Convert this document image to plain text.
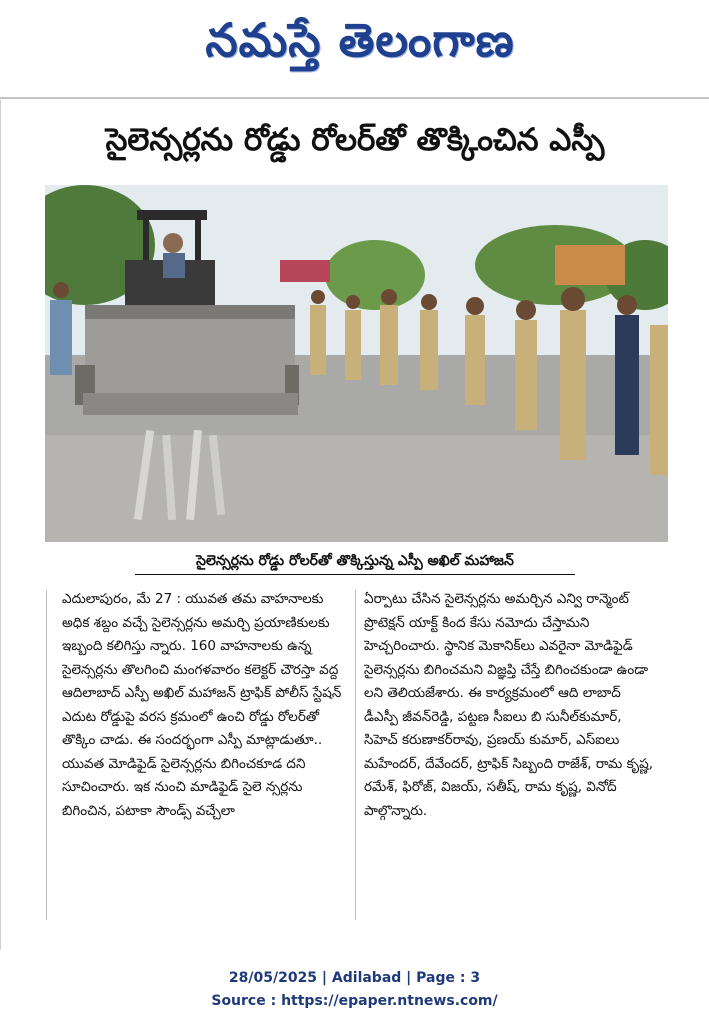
నమస్తే తెలంగాణ
సైలెన్సర్లను రోడ్డు రోలర్‌తో తొక్కించిన ఎస్పీ
సైలెన్సర్లను రోడ్డు రోలర్‌తో తొక్కిస్తున్న ఎస్పీ అఖిల్ మహాజన్

ఎదులాపురం, మే 27 : యువత తమ వాహనాలకు అధిక శబ్దం వచ్చే సైలెన్సర్లను అమర్చి ప్రయాణికులకు ఇబ్బంది కలిగిస్తు న్నారు. 160 వాహనాలకు ఉన్న సైలెన్సర్లను తొలగించి మంగళవారం కలెక్టర్ చౌరస్తా వద్ద ఆదిలాబాద్ ఎస్పీ అఖిల్ మహాజన్ ట్రాఫిక్ పోలీస్ స్టేషన్ ఎదుట రోడ్డుపై వరస క్రమంలో ఉంచి రోడ్డు రోలర్‌తో తొక్కిం చాడు. ఈ సందర్భంగా ఎస్పీ మాట్లాడుతూ.. యువత మోడిఫైడ్ సైలెన్సర్లను బిగించకూడ దని సూచించారు. ఇక నుంచి మాడిఫైడ్ సైలె న్సర్లను బిగించిన, పటాకా సౌండ్స్ వచ్చేలా

ఏర్పాటు చేసిన సైలెన్సర్లను అమర్చిన ఎన్వి రాన్మెంట్ ప్రొటెక్షన్ యాక్ట్ కింద కేసు నమోదు చేస్తామని హెచ్చరించారు. స్థానిక మెకానిక్‌లు ఎవరైనా మోడిఫైడ్ సైలెన్సర్లను బిగించమని విజ్ఞప్తి చేస్తే బిగించకుండా ఉండా లని తెలియజేశారు. ఈ కార్యక్రమంలో ఆది లాబాద్ డీఎస్పీ జీవన్‌రెడ్డి, పట్టణ సీఐలు బి సునీల్‌కుమార్, సిహెచ్ కరుణాకర్‌రావు, ప్రణయ్ కుమార్, ఎస్ఐలు మహేందర్, దేవేందర్, ట్రాఫిక్ సిబ్బంది రాజేశ్, రామ కృష్ణ, రమేశ్, ఫిరోజ్, విజయ్, సతీష్, రామ కృష్ణ, వినోద్ పాల్గొన్నారు.

28/05/2025 | Adilabad | Page : 3
Source : https://epaper.ntnews.com/
